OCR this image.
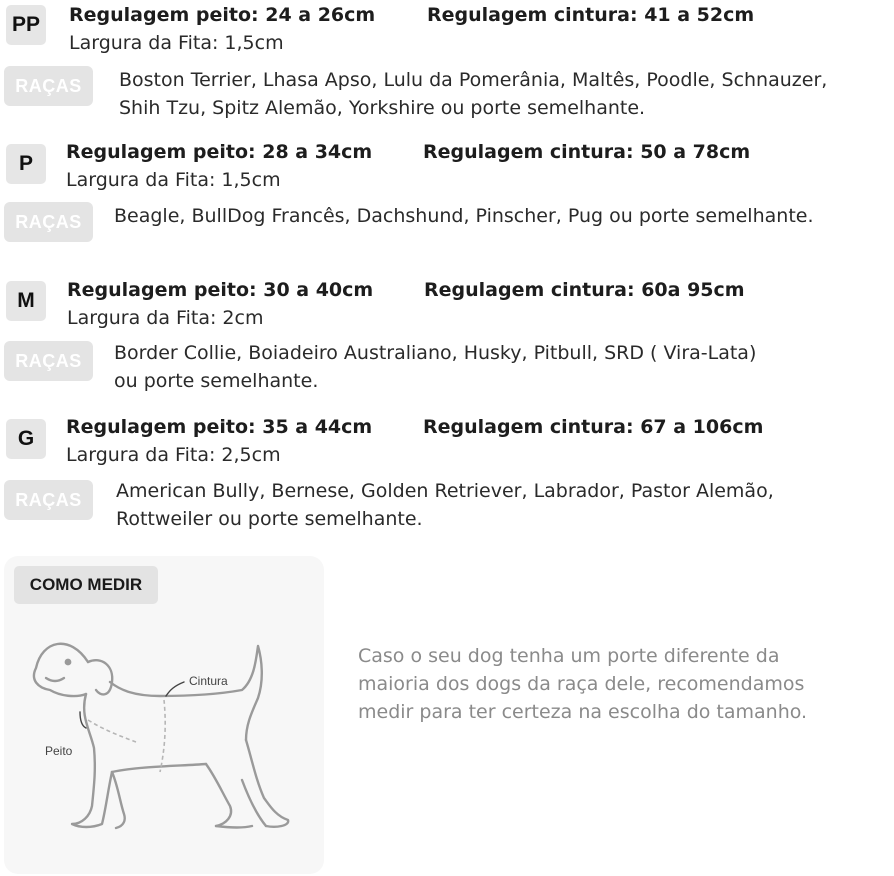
PP	Regulagem peito: 24 a 26cm	Regulagem cintura: 41 a 52cm
Largura da Fita: 1,5cm
RAÇAS	Boston Terrier, Lhasa Apso, Lulu da Pomerânia, Maltês, Poodle, Schnauzer,
Shih Tzu, Spitz Alemão, Yorkshire ou porte semelhante.
P	Regulagem peito: 28 a 34cm	Regulagem cintura: 50 a 78cm
Largura da Fita: 1,5cm
RAÇAS	Beagle, BullDog Francês, Dachshund, Pinscher, Pug ou porte semelhante.
M	Regulagem peito: 30 a 40cm	Regulagem cintura: 60a 95cm
Largura da Fita: 2cm
RAÇAS	Border Collie, Boiadeiro Australiano, Husky, Pitbull, SRD ( Vira-Lata)
ou porte semelhante.
G	Regulagem peito: 35 a 44cm	Regulagem cintura: 67 a 106cm
Largura da Fita: 2,5cm
RAÇAS	American Bully, Bernese, Golden Retriever, Labrador, Pastor Alemão,
Rottweiler ou porte semelhante.
COMO MEDIR
Cintura
Peito
Caso o seu dog tenha um porte diferente da
maioria dos dogs da raça dele, recomendamos
medir para ter certeza na escolha do tamanho.
